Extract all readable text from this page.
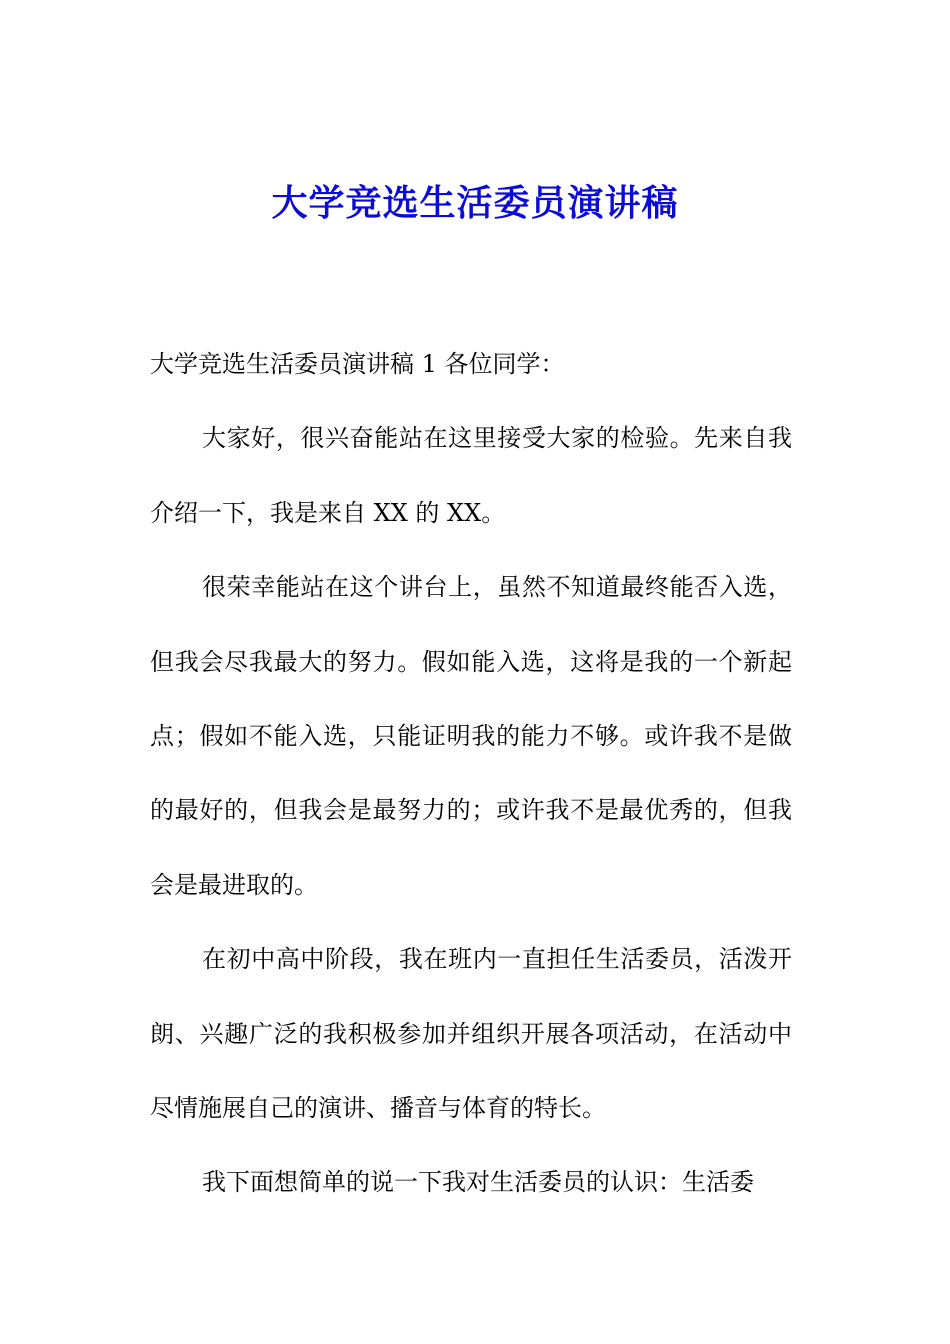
大学竞选生活委员演讲稿

大学竞选生活委员演讲稿 1 各位同学：

大家好，很兴奋能站在这里接受大家的检验。先来自我介绍一下，我是来自 XX 的 XX。

很荣幸能站在这个讲台上，虽然不知道最终能否入选，但我会尽我最大的努力。假如能入选，这将是我的一个新起点；假如不能入选，只能证明我的能力不够。或许我不是做的最好的，但我会是最努力的；或许我不是最优秀的，但我会是最进取的。

在初中高中阶段，我在班内一直担任生活委员，活泼开朗、兴趣广泛的我积极参加并组织开展各项活动，在活动中尽情施展自己的演讲、播音与体育的特长。

我下面想简单的说一下我对生活委员的认识：生活委
